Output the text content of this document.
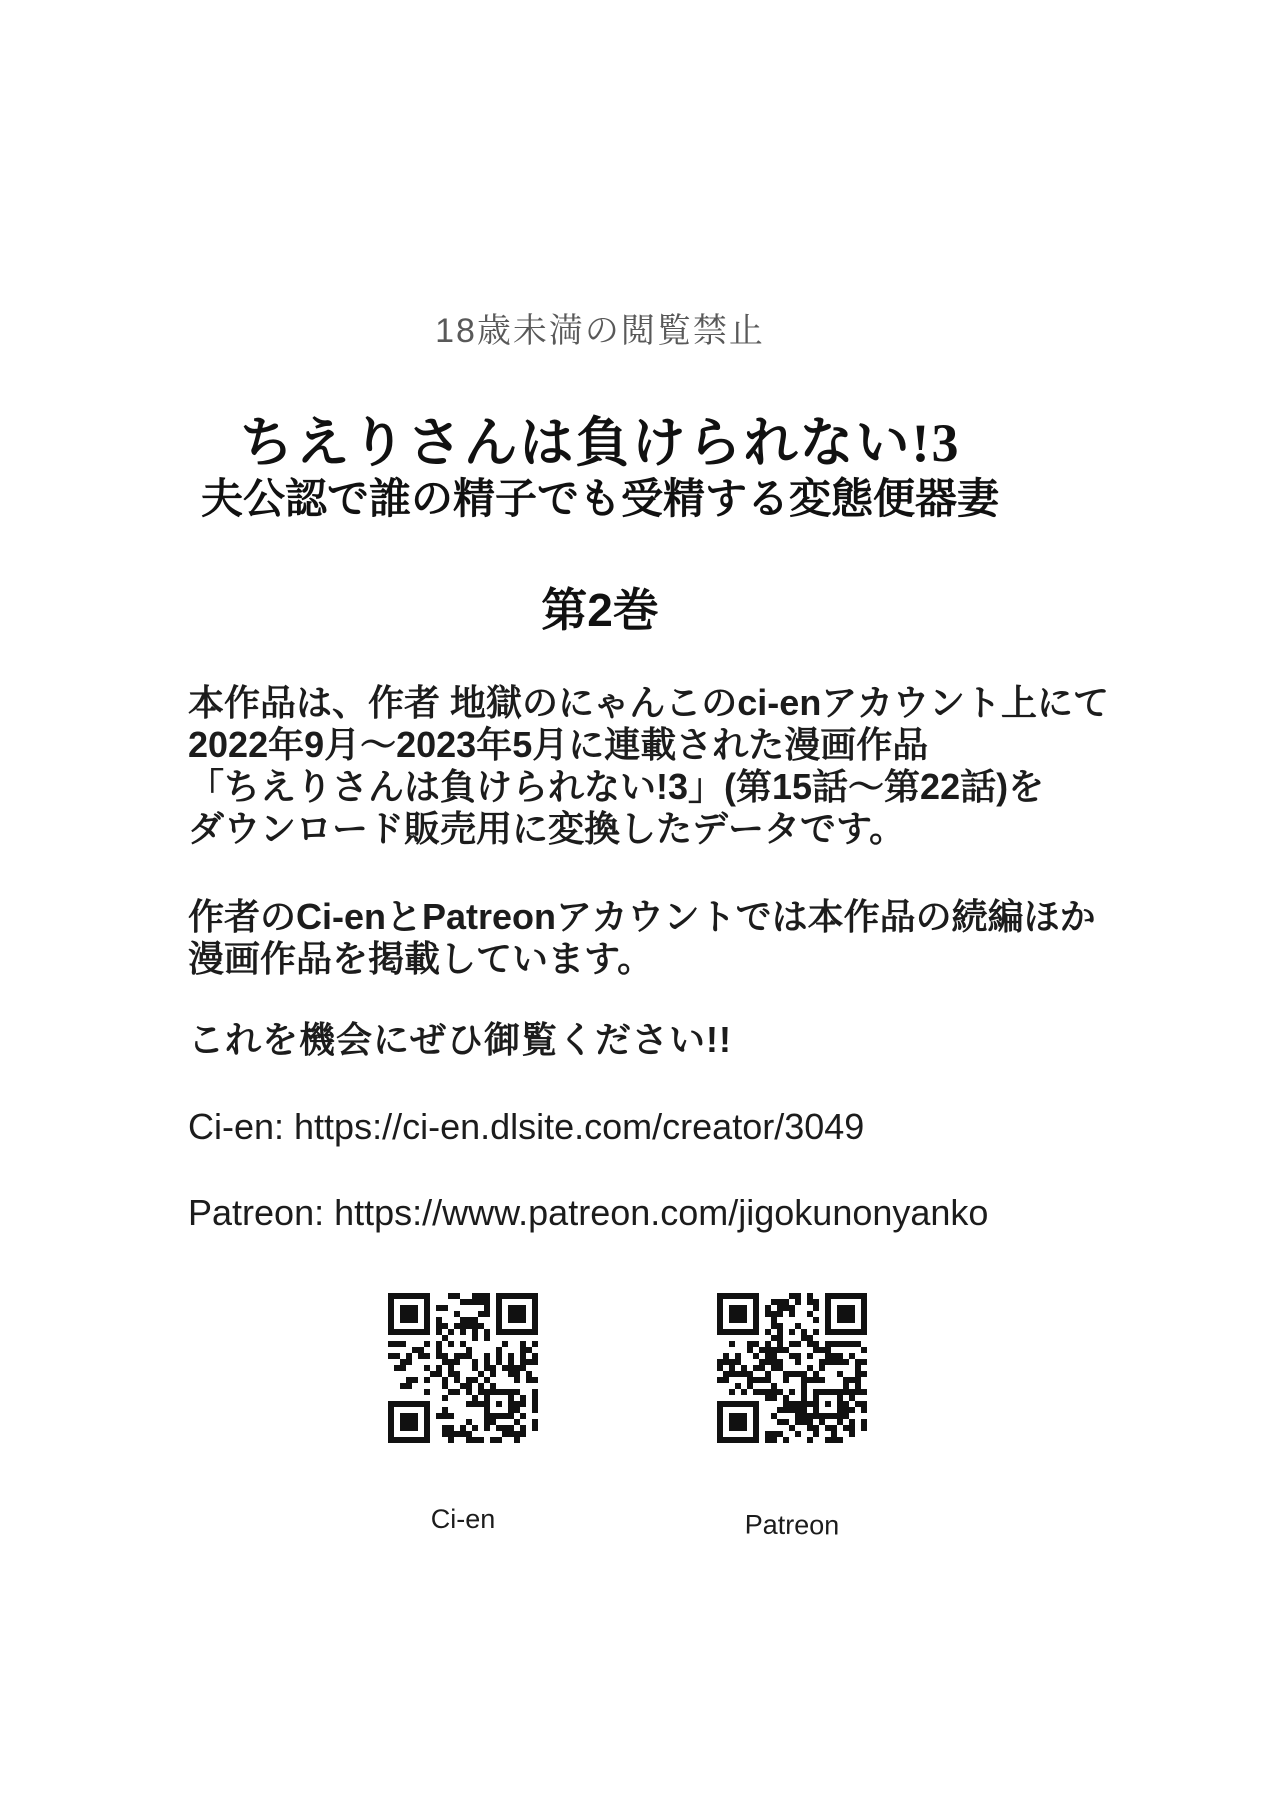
18歳未満の閲覧禁止
ちえりさんは負けられない!3
夫公認で誰の精子でも受精する変態便器妻
第2巻
本作品は、作者 地獄のにゃんこのci-enアカウント上にて
2022年9月〜2023年5月に連載された漫画作品
「ちえりさんは負けられない!3」(第15話〜第22話)を
ダウンロード販売用に変換したデータです。
作者のCi-enとPatreonアカウントでは本作品の続編ほか
漫画作品を掲載しています。
これを機会にぜひ御覧ください!!
Ci-en: https://ci-en.dlsite.com/creator/3049
Patreon: https://www.patreon.com/jigokunonyanko
Ci-en	Patreon
